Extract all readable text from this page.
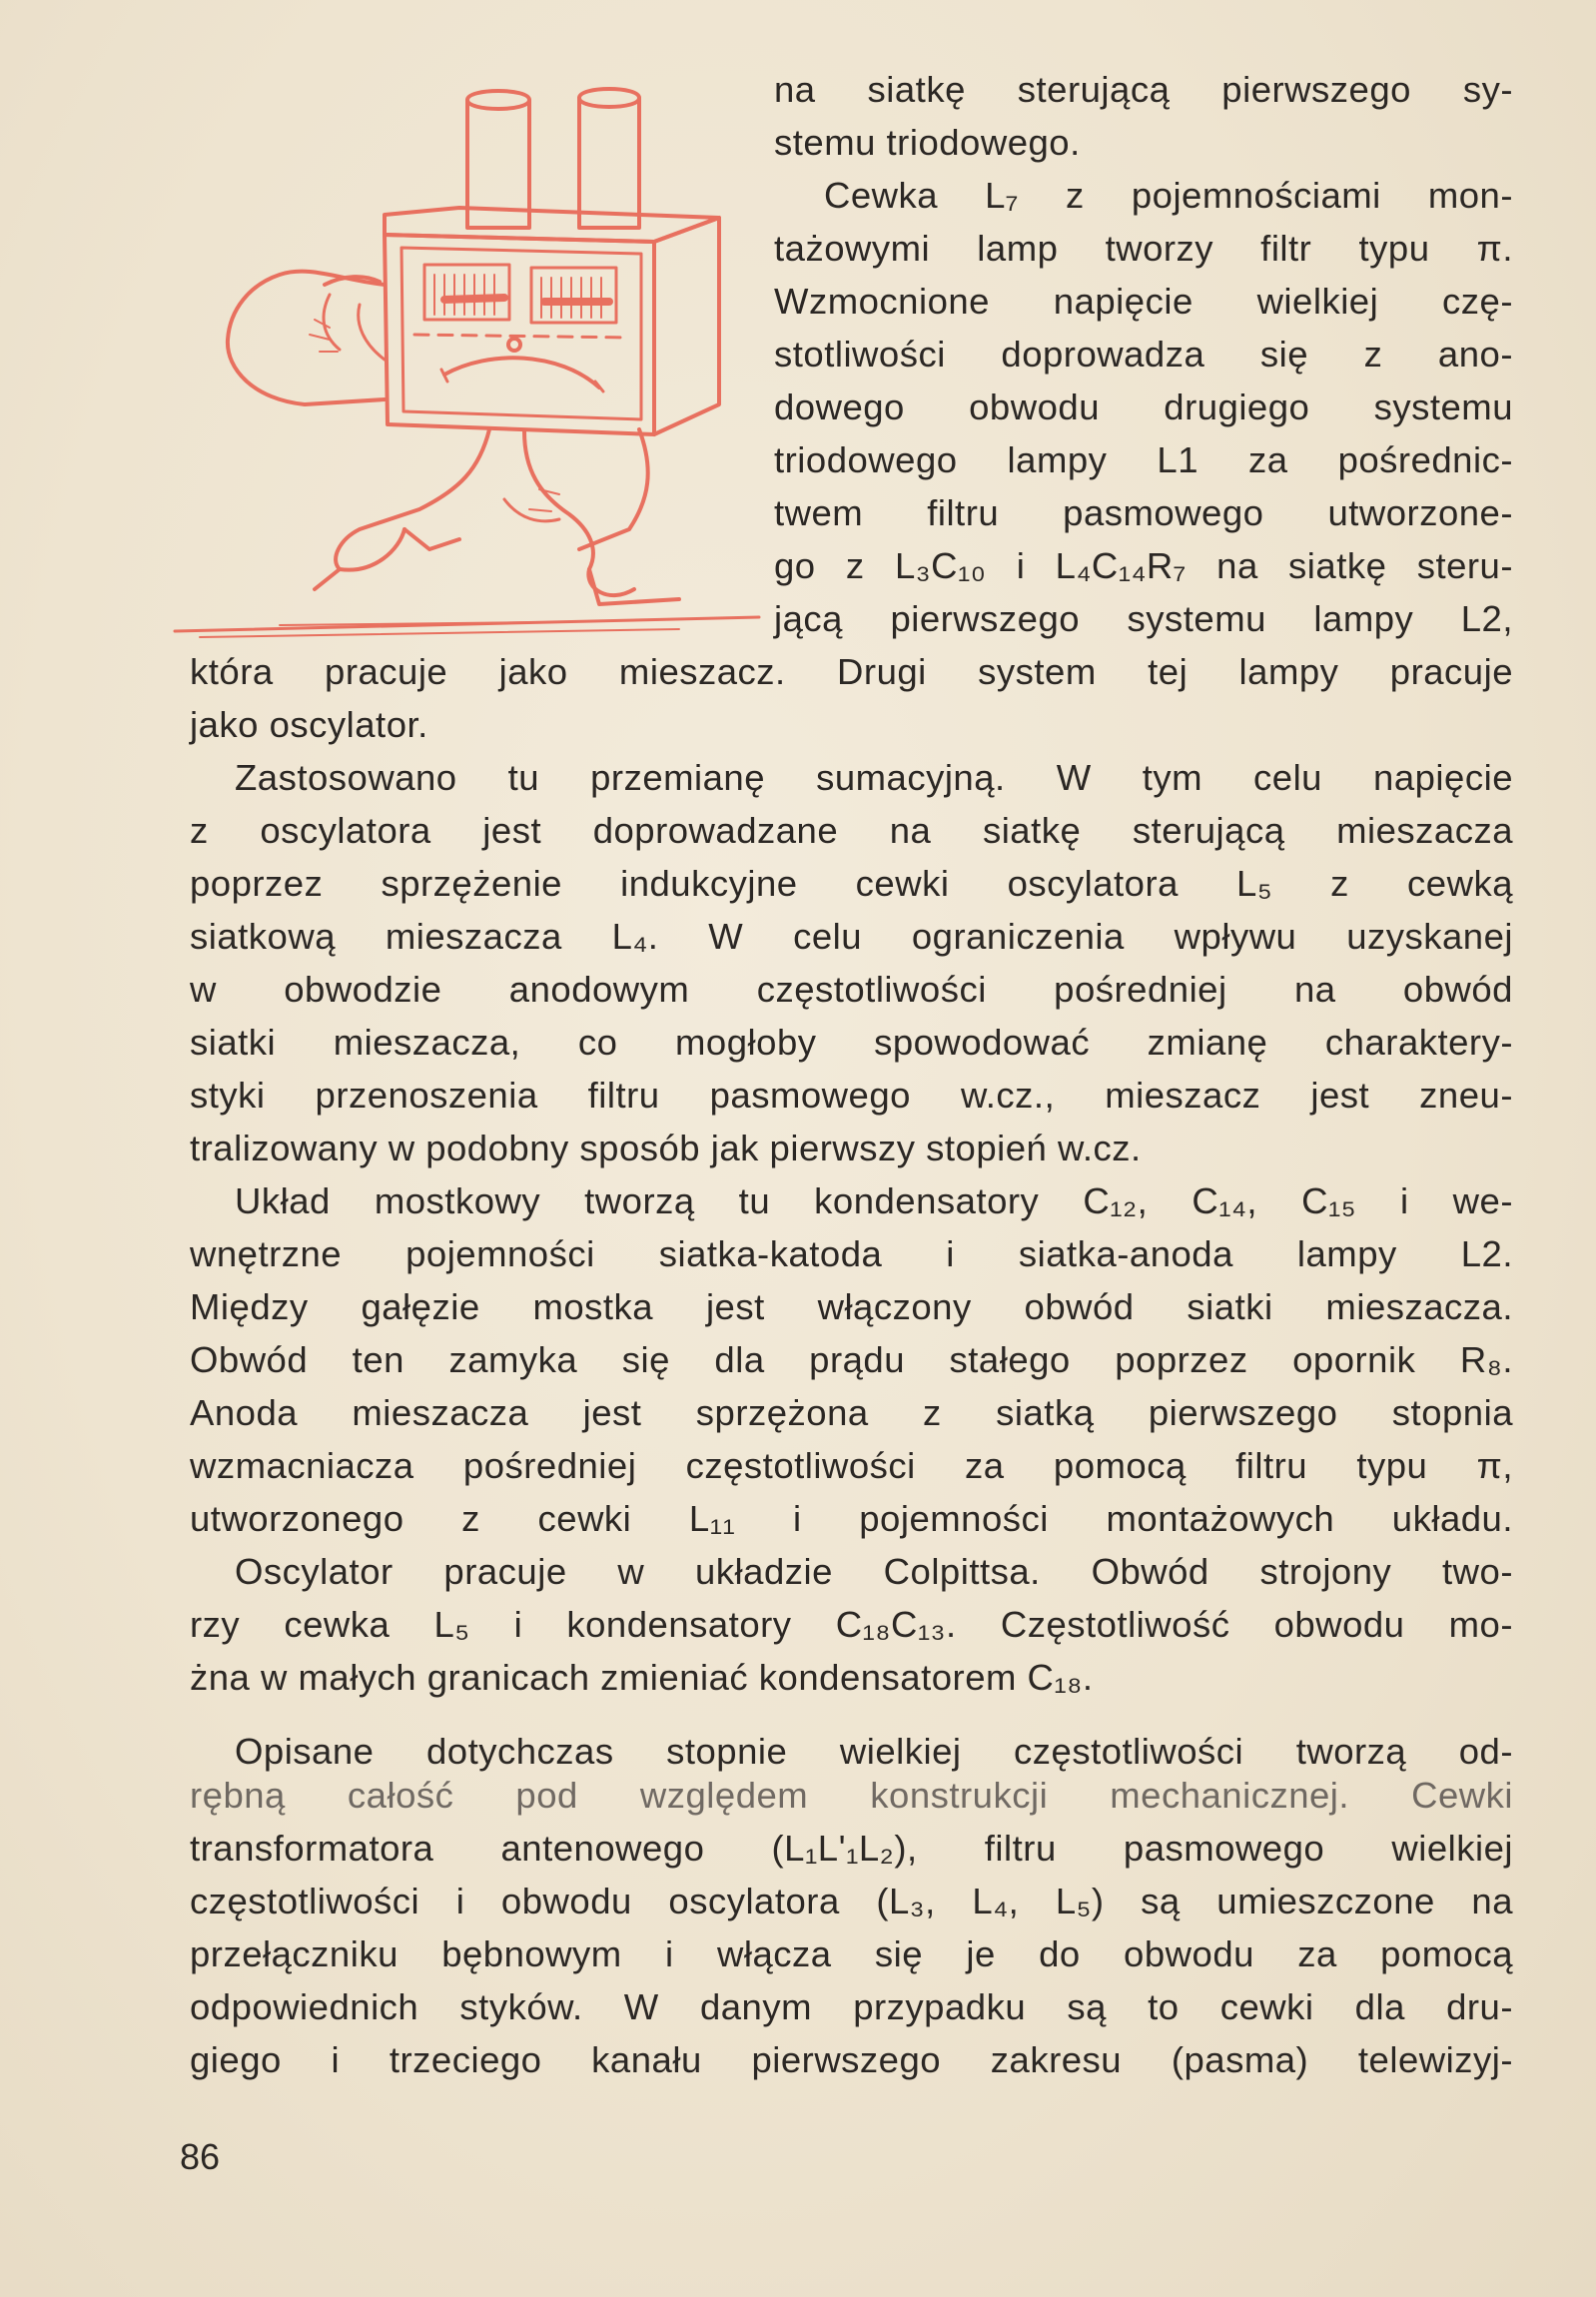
na siatkę sterującą pierwszego sy-
stemu triodowego.
Cewka L₇ z pojemnościami mon-
tażowymi lamp tworzy filtr typu π.
Wzmocnione napięcie wielkiej czę-
stotliwości doprowadza się z ano-
dowego obwodu drugiego systemu
triodowego lampy L1 za pośrednic-
twem filtru pasmowego utworzone-
go z L₃C₁₀ i L₄C₁₄R₇ na siatkę steru-
jącą pierwszego systemu lampy L2,
która pracuje jako mieszacz. Drugi system tej lampy pracuje
jako oscylator.
Zastosowano tu przemianę sumacyjną. W tym celu napięcie
z oscylatora jest doprowadzane na siatkę sterującą mieszacza
poprzez sprzężenie indukcyjne cewki oscylatora L₅ z cewką
siatkową mieszacza L₄. W celu ograniczenia wpływu uzyskanej
w obwodzie anodowym częstotliwości pośredniej na obwód
siatki mieszacza, co mogłoby spowodować zmianę charaktery-
styki przenoszenia filtru pasmowego w.cz., mieszacz jest zneu-
tralizowany w podobny sposób jak pierwszy stopień w.cz.
Układ mostkowy tworzą tu kondensatory C₁₂, C₁₄, C₁₅ i we-
wnętrzne pojemności siatka-katoda i siatka-anoda lampy L2.
Między gałęzie mostka jest włączony obwód siatki mieszacza.
Obwód ten zamyka się dla prądu stałego poprzez opornik R₈.
Anoda mieszacza jest sprzężona z siatką pierwszego stopnia
wzmacniacza pośredniej częstotliwości za pomocą filtru typu π,
utworzonego z cewki L₁₁ i pojemności montażowych układu.
Oscylator pracuje w układzie Colpittsa. Obwód strojony two-
rzy cewka L₅ i kondensatory C₁₈C₁₃. Częstotliwość obwodu mo-
żna w małych granicach zmieniać kondensatorem C₁₈.
Opisane dotychczas stopnie wielkiej częstotliwości tworzą od-
rębną całość pod względem konstrukcji mechanicznej. Cewki
transformatora antenowego (L₁L'₁L₂), filtru pasmowego wielkiej
częstotliwości i obwodu oscylatora (L₃, L₄, L₅) są umieszczone na
przełączniku bębnowym i włącza się je do obwodu za pomocą
odpowiednich styków. W danym przypadku są to cewki dla dru-
giego i trzeciego kanału pierwszego zakresu (pasma) telewizyj-
86
